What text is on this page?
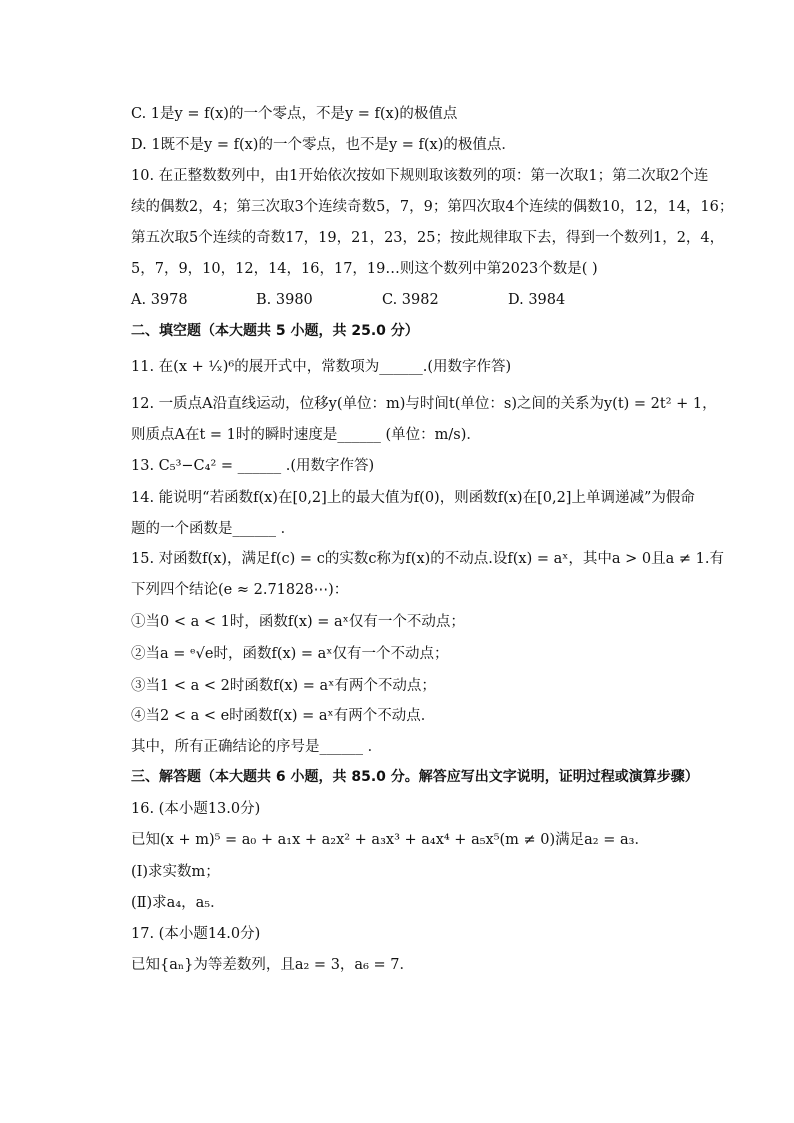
C. 1是y = f(x)的一个零点，不是y = f(x)的极值点
D. 1既不是y = f(x)的一个零点，也不是y = f(x)的极值点．
10. 在正整数数列中，由1开始依次按如下规则取该数列的项：第一次取1；第二次取2个连
续的偶数2，4；第三次取3个连续奇数5，7，9；第四次取4个连续的偶数10，12，14，16；
第五次取5个连续的奇数17，19，21，23，25；按此规律取下去，得到一个数列1，2，4，
5，7，9，10，12，14，16，17，19…则这个数列中第2023个数是( )
A. 3978	B. 3980	C. 3982	D. 3984
二、填空题（本大题共 5 小题，共 25.0 分）
11. 在(x + ¹⁄ₓ)⁶的展开式中，常数项为______.(用数字作答)
12. 一质点A沿直线运动，位移y(单位：m)与时间t(单位：s)之间的关系为y(t) = 2t² + 1，
则质点A在t = 1时的瞬时速度是______ (单位：m/s)．
13. C₅³−C₄² = ______ .(用数字作答)
14. 能说明“若函数f(x)在[0,2]上的最大值为f(0)，则函数f(x)在[0,2]上单调递减”为假命
题的一个函数是______ ．
15. 对函数f(x)，满足f(c) = c的实数c称为f(x)的不动点.设f(x) = aˣ，其中a > 0且a ≠ 1.有
下列四个结论(e ≈ 2.71828⋯)：
①当0 < a < 1时，函数f(x) = aˣ仅有一个不动点；
②当a = ᵉ√e时，函数f(x) = aˣ仅有一个不动点；
③当1 < a < 2时函数f(x) = aˣ有两个不动点；
④当2 < a < e时函数f(x) = aˣ有两个不动点．
其中，所有正确结论的序号是______ ．
三、解答题（本大题共 6 小题，共 85.0 分。解答应写出文字说明，证明过程或演算步骤）
16. (本小题13.0分)
已知(x + m)⁵ = a₀ + a₁x + a₂x² + a₃x³ + a₄x⁴ + a₅x⁵(m ≠ 0)满足a₂ = a₃．
(Ⅰ)求实数m；
(Ⅱ)求a₄，a₅．
17. (本小题14.0分)
已知{aₙ}为等差数列，且a₂ = 3，a₆ = 7．
